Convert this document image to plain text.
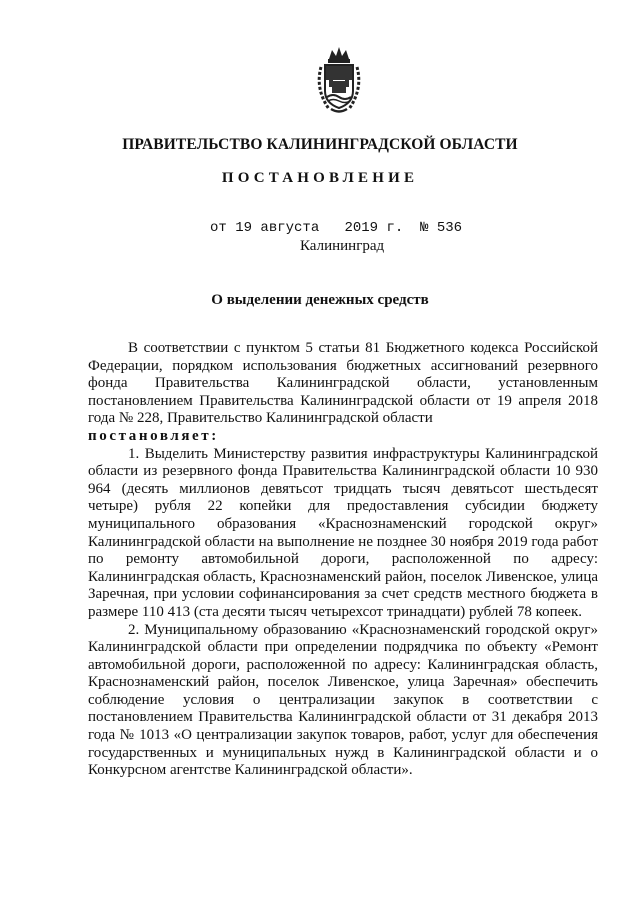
ПРАВИТЕЛЬСТВО КАЛИНИНГРАДСКОЙ ОБЛАСТИ
ПОСТАНОВЛЕНИЕ
от 19 августа 2019 г. № 536
Калининград
О выделении денежных средств

В соответствии с пунктом 5 статьи 81 Бюджетного кодекса Российской Федерации, порядком использования бюджетных ассигнований резервного фонда Правительства Калининградской области, установленным постановлением Правительства Калининградской области от 19 апреля 2018 года № 228, Правительство Калининградской области

постановляет:

1. Выделить Министерству развития инфраструктуры Калининградской области из резервного фонда Правительства Калининградской области 10 930 964 (десять миллионов девятьсот тридцать тысяч девятьсот шестьдесят четыре) рубля 22 копейки для предоставления субсидии бюджету муниципального образования «Краснознаменский городской округ» Калининградской области на выполнение не позднее 30 ноября 2019 года работ по ремонту автомобильной дороги, расположенной по адресу: Калининградская область, Краснознаменский район, поселок Ливенское, улица Заречная, при условии софинансирования за счет средств местного бюджета в размере 110 413 (ста десяти тысяч четырехсот тринадцати) рублей 78 копеек.

2. Муниципальному образованию «Краснознаменский городской округ» Калининградской области при определении подрядчика по объекту «Ремонт автомобильной дороги, расположенной по адресу: Калининградская область, Краснознаменский район, поселок Ливенское, улица Заречная» обеспечить соблюдение условия о централизации закупок в соответствии с постановлением Правительства Калининградской области от 31 декабря 2013 года № 1013 «О централизации закупок товаров, работ, услуг для обеспечения государственных и муниципальных нужд в Калининградской области и о Конкурсном агентстве Калининградской области».
